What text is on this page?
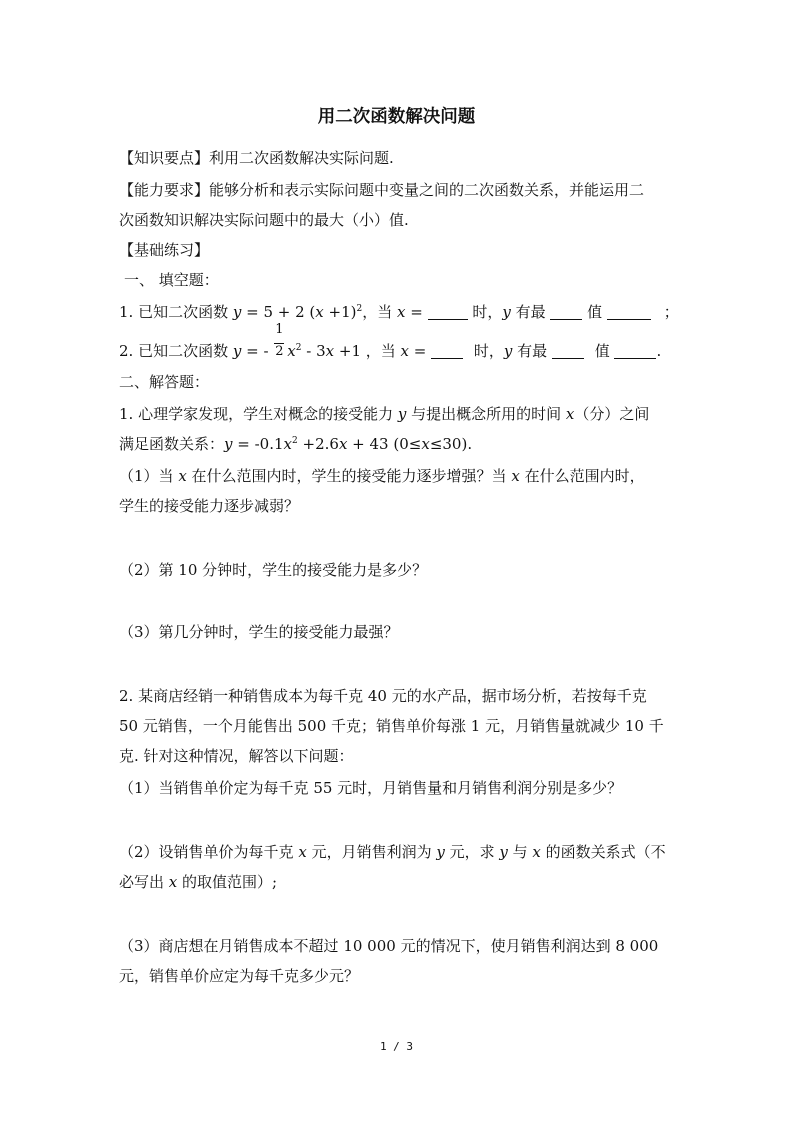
用二次函数解决问题
【知识要点】利用二次函数解决实际问题.
【能力要求】能够分析和表示实际问题中变量之间的二次函数关系，并能运用二
次函数知识解决实际问题中的最大（小）值.
【基础练习】
一、 填空题：
1. 已知二次函数 y = 5 + 2 $(x +1)^2$，当 x =	时，y 有最  值	；
2. 已知二次函数 y = - $\frac{1}{2} x^2 - 3x +1$ ，当 x =	时，y 有最	值	.
二、解答题：
1. 心理学家发现，学生对概念的接受能力 y 与提出概念所用的时间 x（分）之间
满足函数关系：$y = -0.1x^2 +2.6x + 43$ (0≤x≤30).
（1）当 x 在什么范围内时，学生的接受能力逐步增强？当 x 在什么范围内时，
学生的接受能力逐步减弱？
（2）第 10 分钟时，学生的接受能力是多少？
（3）第几分钟时，学生的接受能力最强？
2. 某商店经销一种销售成本为每千克 40 元的水产品，据市场分析，若按每千克
50 元销售，一个月能售出 500 千克；销售单价每涨 1 元，月销售量就减少 10 千
克. 针对这种情况，解答以下问题：
（1）当销售单价定为每千克 55 元时，月销售量和月销售利润分别是多少？
（2）设销售单价为每千克 x 元，月销售利润为 y 元，求 y 与 x 的函数关系式（不
必写出 x 的取值范围）;
（3）商店想在月销售成本不超过 10 000 元的情况下，使月销售利润达到 8 000
元，销售单价应定为每千克多少元？
1 / 3
